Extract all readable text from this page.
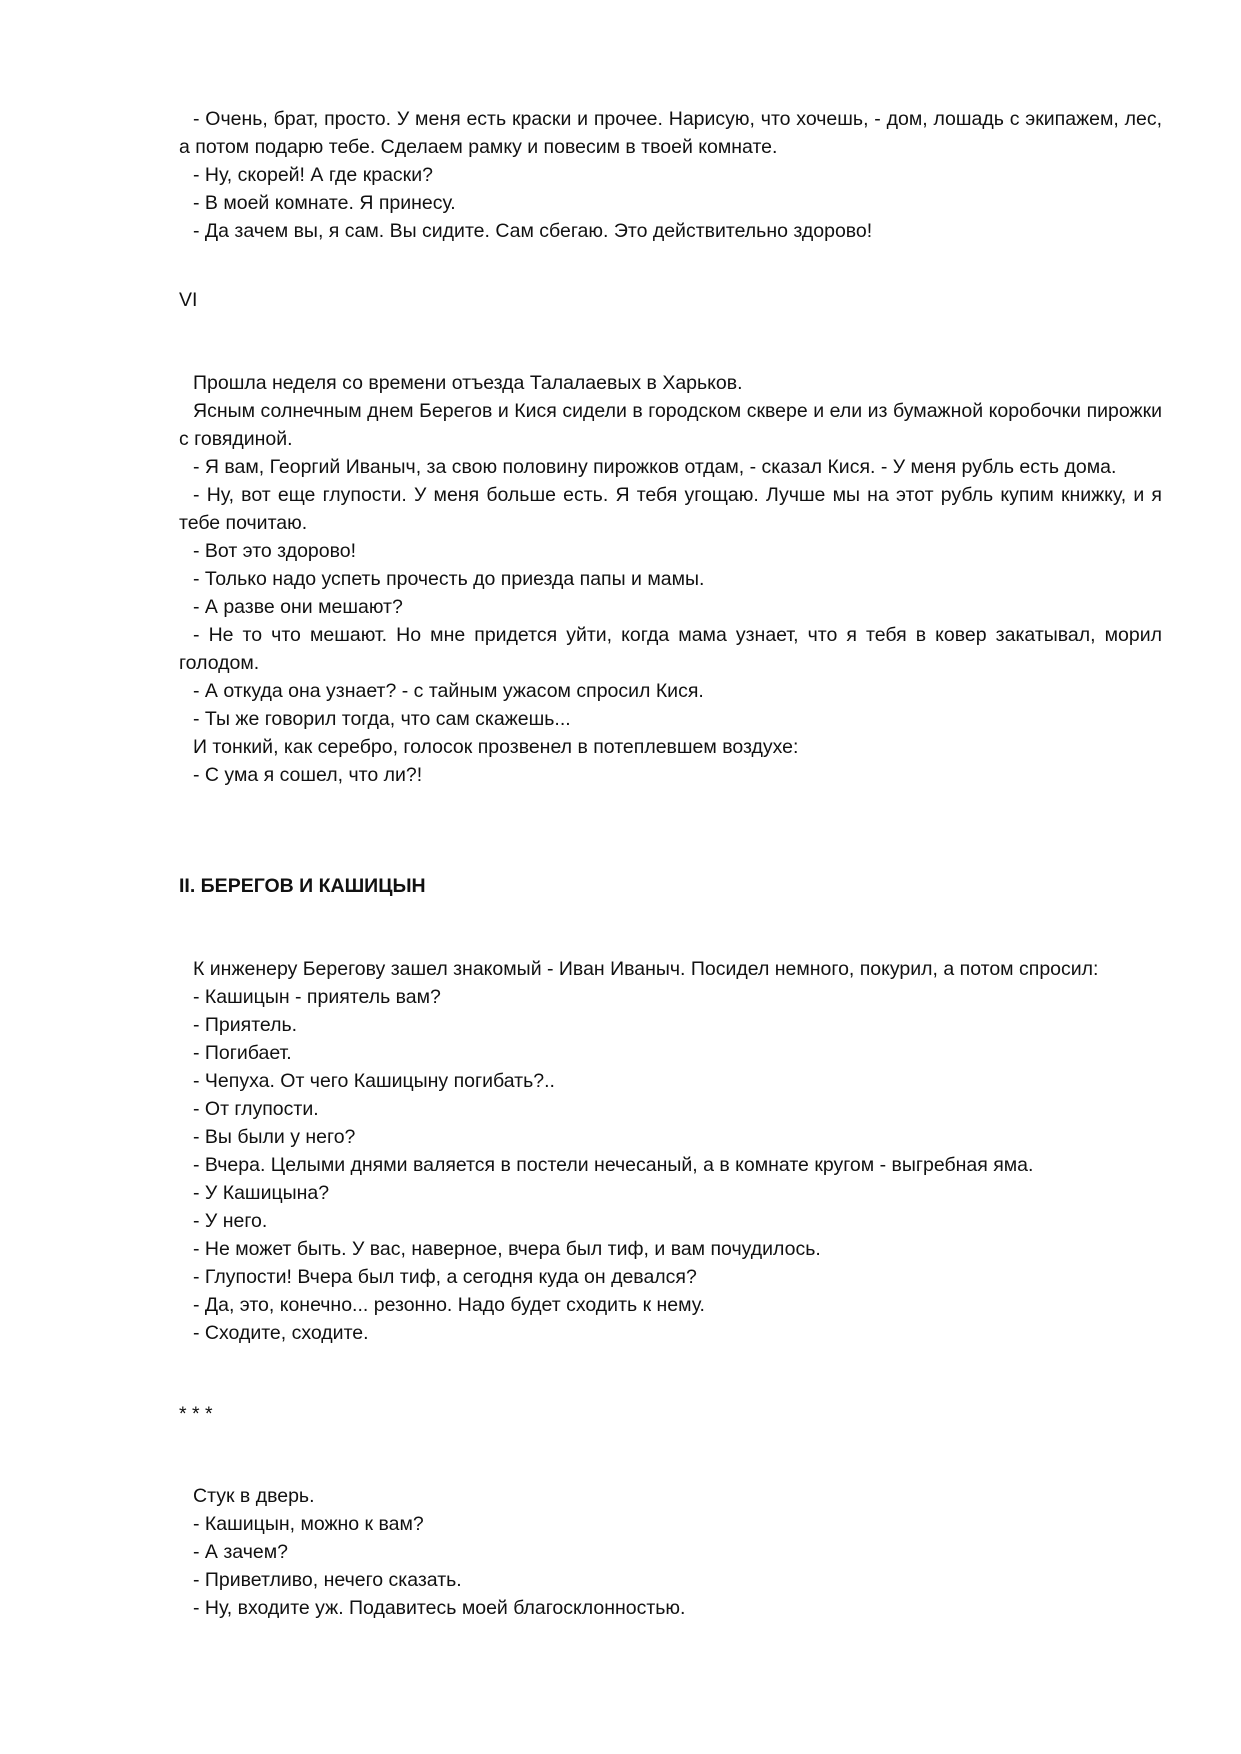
- Очень, брат, просто. У меня есть краски и прочее. Нарисую, что хочешь, - дом, лошадь с экипажем, лес, а потом подарю тебе. Сделаем рамку и повесим в твоей комнате.

- Ну, скорей! А где краски?

- В моей комнате. Я принесу.

- Да зачем вы, я сам. Вы сидите. Сам сбегаю. Это действительно здорово!

VI

Прошла неделя со времени отъезда Талалаевых в Харьков.

Ясным солнечным днем Берегов и Кися сидели в городском сквере и ели из бумажной коробочки пирожки с говядиной.

- Я вам, Георгий Иваныч, за свою половину пирожков отдам, - сказал Кися. - У меня рубль есть дома.

- Ну, вот еще глупости. У меня больше есть. Я тебя угощаю. Лучше мы на этот рубль купим книжку, и я тебе почитаю.

- Вот это здорово!

- Только надо успеть прочесть до приезда папы и мамы.

- А разве они мешают?

- Не то что мешают. Но мне придется уйти, когда мама узнает, что я тебя в ковер закатывал, морил голодом.

- А откуда она узнает? - с тайным ужасом спросил Кися.

- Ты же говорил тогда, что сам скажешь...

И тонкий, как серебро, голосок прозвенел в потеплевшем воздухе:

- С ума я сошел, что ли?!

II. БЕРЕГОВ И КАШИЦЫН

К инженеру Берегову зашел знакомый - Иван Иваныч. Посидел немного, покурил, а потом спросил:

- Кашицын - приятель вам?

- Приятель.

- Погибает.

- Чепуха. От чего Кашицыну погибать?..

- От глупости.

- Вы были у него?

- Вчера. Целыми днями валяется в постели нечесаный, а в комнате кругом - выгребная яма.

- У Кашицына?

- У него.

- Не может быть. У вас, наверное, вчера был тиф, и вам почудилось.

- Глупости! Вчера был тиф, а сегодня куда он девался?

- Да, это, конечно... резонно. Надо будет сходить к нему.

- Сходите, сходите.

* * *

Стук в дверь.

- Кашицын, можно к вам?

- А зачем?

- Приветливо, нечего сказать.

- Ну, входите уж. Подавитесь моей благосклонностью.
